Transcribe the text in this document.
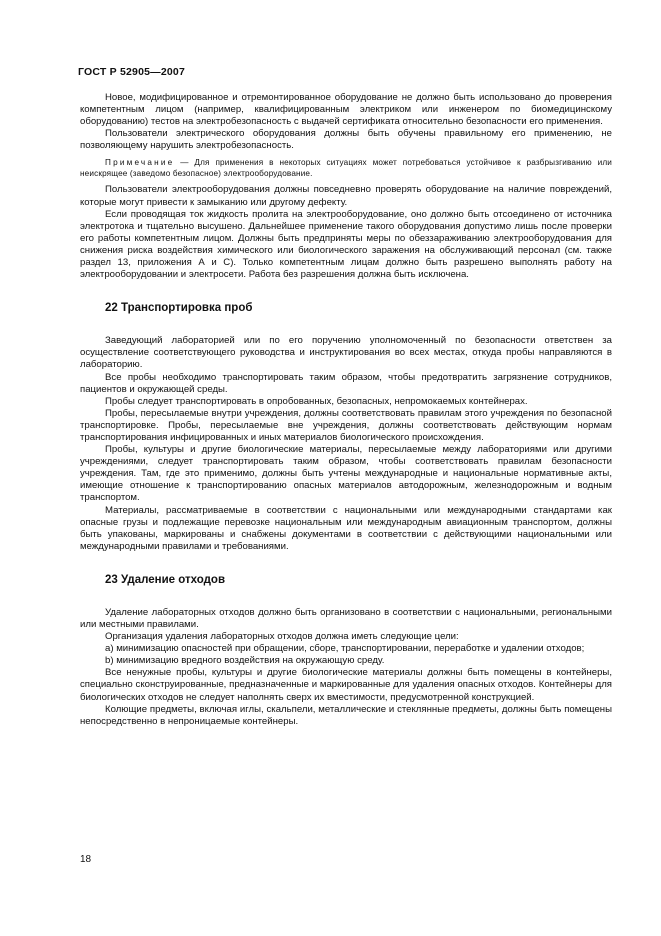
ГОСТ Р 52905—2007

Новое, модифицированное и отремонтированное оборудование не должно быть использовано до проверения компетентным лицом (например, квалифицированным электриком или инженером по биомедицинскому оборудованию) тестов на электробезопасность с выдачей сертификата относительно безопасности его применения.

Пользователи электрического оборудования должны быть обучены правильному его применению, не позволяющему нарушить электробезопасность.

Примечание — Для применения в некоторых ситуациях может потребоваться устойчивое к разбрызгиванию или неискрящее (заведомо безопасное) электрооборудование.

Пользователи электрооборудования должны повседневно проверять оборудование на наличие повреждений, которые могут привести к замыканию или другому дефекту.

Если проводящая ток жидкость пролита на электрооборудование, оно должно быть отсоединено от источника электротока и тщательно высушено. Дальнейшее применение такого оборудования допустимо лишь после проверки его работы компетентным лицом. Должны быть предприняты меры по обеззараживанию электрооборудования для снижения риска воздействия химического или биологического заражения на обслуживающий персонал (см. также раздел 13, приложения А и С). Только компетентным лицам должно быть разрешено выполнять работу на электрооборудовании и электросети. Работа без разрешения должна быть исключена.

22 Транспортировка проб

Заведующий лабораторией или по его поручению уполномоченный по безопасности ответствен за осуществление соответствующего руководства и инструктирования во всех местах, откуда пробы направляются в лабораторию.

Все пробы необходимо транспортировать таким образом, чтобы предотвратить загрязнение сотрудников, пациентов и окружающей среды.

Пробы следует транспортировать в опробованных, безопасных, непромокаемых контейнерах.

Пробы, пересылаемые внутри учреждения, должны соответствовать правилам этого учреждения по безопасной транспортировке. Пробы, пересылаемые вне учреждения, должны соответствовать действующим нормам транспортирования инфицированных и иных материалов биологического происхождения.

Пробы, культуры и другие биологические материалы, пересылаемые между лабораториями или другими учреждениями, следует транспортировать таким образом, чтобы соответствовать правилам безопасности учреждения. Там, где это применимо, должны быть учтены международные и национальные нормативные акты, имеющие отношение к транспортированию опасных материалов автодорожным, железнодорожным и водным транспортом.

Материалы, рассматриваемые в соответствии с национальными или международными стандартами как опасные грузы и подлежащие перевозке национальным или международным авиационным транспортом, должны быть упакованы, маркированы и снабжены документами в соответствии с действующими национальными или международными правилами и требованиями.

23 Удаление отходов

Удаление лабораторных отходов должно быть организовано в соответствии с национальными, региональными или местными правилами.

Организация удаления лабораторных отходов должна иметь следующие цели:

а) минимизацию опасностей при обращении, сборе, транспортировании, переработке и удалении отходов;

b) минимизацию вредного воздействия на окружающую среду.

Все ненужные пробы, культуры и другие биологические материалы должны быть помещены в контейнеры, специально сконструированные, предназначенные и маркированные для удаления опасных отходов. Контейнеры для биологических отходов не следует наполнять сверх их вместимости, предусмотренной конструкцией.

Колющие предметы, включая иглы, скальпели, металлические и стеклянные предметы, должны быть помещены непосредственно в непроницаемые контейнеры.

18
